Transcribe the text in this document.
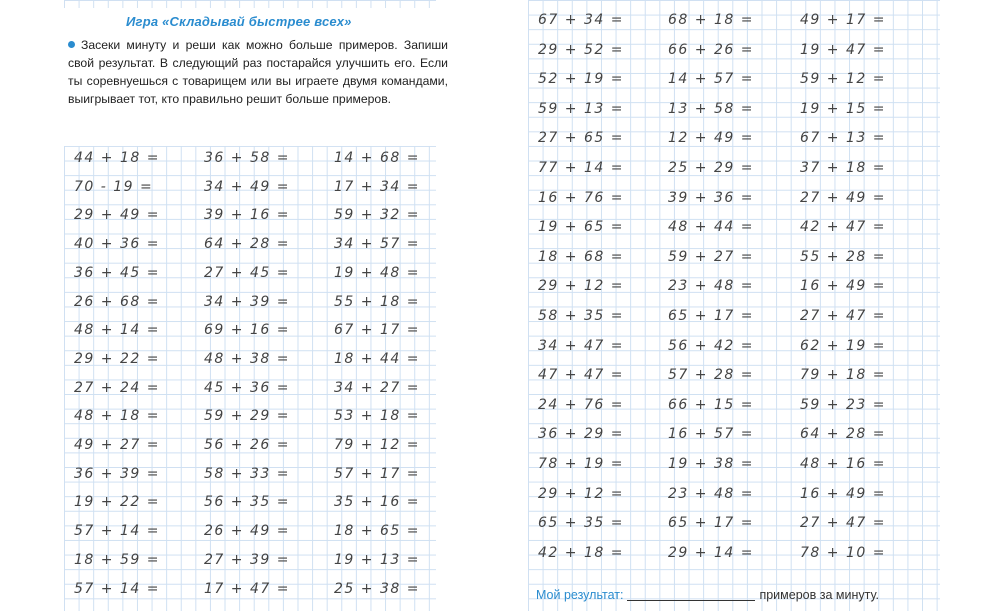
Игра «Складывай быстрее всех»
Засеки минуту и реши как можно больше примеров. Запиши свой результат. В следующий раз постарайся улучшить его. Если ты соревнуешься с товарищем или вы играете двумя командами, выигрывает тот, кто правильно решит больше примеров.
44 + 18 =
70 - 19 =
29 + 49 =
40 + 36 =
36 + 45 =
26 + 68 =
48 + 14 =
29 + 22 =
27 + 24 =
48 + 18 =
49 + 27 =
36 + 39 =
19 + 22 =
57 + 14 =
18 + 59 =
57 + 14 =
36 + 58 =
34 + 49 =
39 + 16 =
64 + 28 =
27 + 45 =
34 + 39 =
69 + 16 =
48 + 38 =
45 + 36 =
59 + 29 =
56 + 26 =
58 + 33 =
56 + 35 =
26 + 49 =
27 + 39 =
17 + 47 =
14 + 68 =
17 + 34 =
59 + 32 =
34 + 57 =
19 + 48 =
55 + 18 =
67 + 17 =
18 + 44 =
34 + 27 =
53 + 18 =
79 + 12 =
57 + 17 =
35 + 16 =
18 + 65 =
19 + 13 =
25 + 38 =
67 + 34 =
29 + 52 =
52 + 19 =
59 + 13 =
27 + 65 =
77 + 14 =
16 + 76 =
19 + 65 =
18 + 68 =
29 + 12 =
58 + 35 =
34 + 47 =
47 + 47 =
24 + 76 =
36 + 29 =
78 + 19 =
29 + 12 =
65 + 35 =
42 + 18 =
68 + 18 =
66 + 26 =
14 + 57 =
13 + 58 =
12 + 49 =
25 + 29 =
39 + 36 =
48 + 44 =
59 + 27 =
23 + 48 =
65 + 17 =
56 + 42 =
57 + 28 =
66 + 15 =
16 + 57 =
19 + 38 =
23 + 48 =
65 + 17 =
29 + 14 =
49 + 17 =
19 + 47 =
59 + 12 =
19 + 15 =
67 + 13 =
37 + 18 =
27 + 49 =
42 + 47 =
55 + 28 =
16 + 49 =
27 + 47 =
62 + 19 =
79 + 18 =
59 + 23 =
64 + 28 =
48 + 16 =
16 + 49 =
27 + 47 =
78 + 10 =
Мой результат:	примеров за минуту.
